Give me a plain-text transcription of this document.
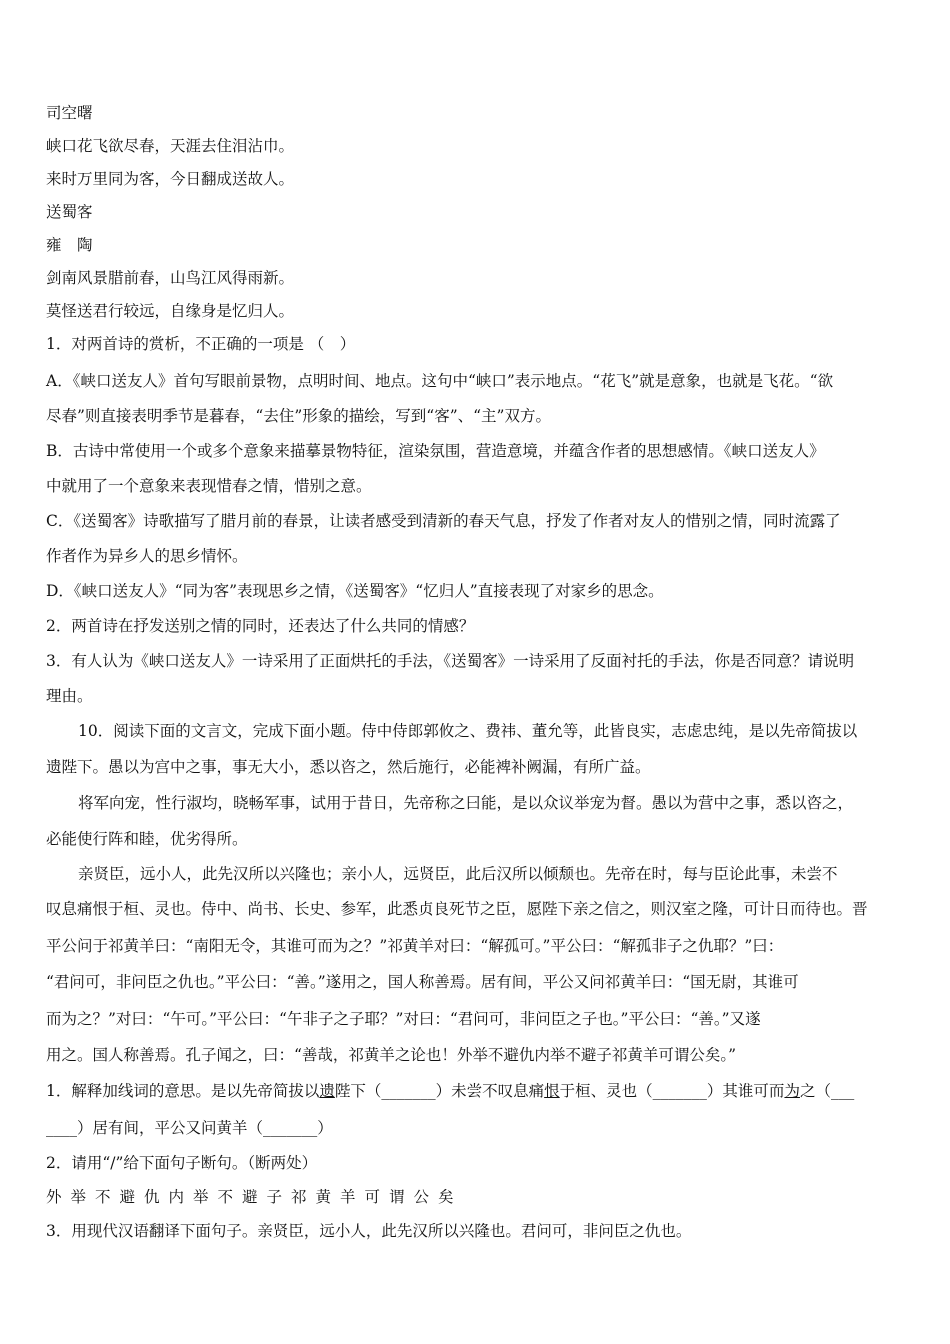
司空曙

峡口花飞欲尽春，天涯去住泪沾巾。

来时万里同为客，今日翻成送故人。

送蜀客

雍　陶

剑南风景腊前春，山鸟江风得雨新。

莫怪送君行较远，自缘身是忆归人。

1．对两首诗的赏析，不正确的一项是 （　）

A．《峡口送友人》首句写眼前景物，点明时间、地点。这句中“峡口”表示地点。“花飞”就是意象，也就是飞花。“欲

尽春”则直接表明季节是暮春，“去住”形象的描绘，写到“客”、“主”双方。

B．古诗中常使用一个或多个意象来描摹景物特征，渲染氛围，营造意境，并蕴含作者的思想感情。《峡口送友人》

中就用了一个意象来表现惜春之情，惜别之意。

C．《送蜀客》诗歌描写了腊月前的春景，让读者感受到清新的春天气息，抒发了作者对友人的惜别之情，同时流露了

作者作为异乡人的思乡情怀。

D．《峡口送友人》“同为客”表现思乡之情，《送蜀客》“忆归人”直接表现了对家乡的思念。

2．两首诗在抒发送别之情的同时，还表达了什么共同的情感？

3．有人认为《峡口送友人》一诗采用了正面烘托的手法，《送蜀客》一诗采用了反面衬托的手法，你是否同意？请说明

理由。

10．阅读下面的文言文，完成下面小题。侍中侍郎郭攸之、费祎、董允等，此皆良实，志虑忠纯，是以先帝简拔以

遗陛下。愚以为宫中之事，事无大小，悉以咨之，然后施行，必能裨补阙漏，有所广益。

将军向宠，性行淑均，晓畅军事，试用于昔日，先帝称之曰能，是以众议举宠为督。愚以为营中之事，悉以咨之，

必能使行阵和睦，优劣得所。

亲贤臣，远小人，此先汉所以兴隆也；亲小人，远贤臣，此后汉所以倾颓也。先帝在时，每与臣论此事，未尝不

叹息痛恨于桓、灵也。侍中、尚书、长史、参军，此悉贞良死节之臣，愿陛下亲之信之，则汉室之隆，可计日而待也。晋

平公问于祁黄羊曰：“南阳无令，其谁可而为之？”祁黄羊对曰：“解孤可。”平公曰：“解孤非子之仇耶？”曰：

“君问可，非问臣之仇也。”平公曰：“善。”遂用之，国人称善焉。居有间，平公又问祁黄羊曰：“国无尉，其谁可

而为之？”对曰：“午可。”平公曰：“午非子之子耶？”对曰：“君问可，非问臣之子也。”平公曰：“善。”又遂

用之。国人称善焉。孔子闻之，曰：“善哉，祁黄羊之论也！外举不避仇内举不避子祁黄羊可谓公矣。”

1．解释加线词的意思。是以先帝简拔以遗陛下（_______）未尝不叹息痛恨于桓、灵也（_______）其谁可而为之（___

____）居有间，平公又问黄羊（_______）

2．请用“/”给下面句子断句。（断两处）

外举不避仇内举不避子祁黄羊可谓公矣

3．用现代汉语翻译下面句子。亲贤臣，远小人，此先汉所以兴隆也。君问可，非问臣之仇也。
